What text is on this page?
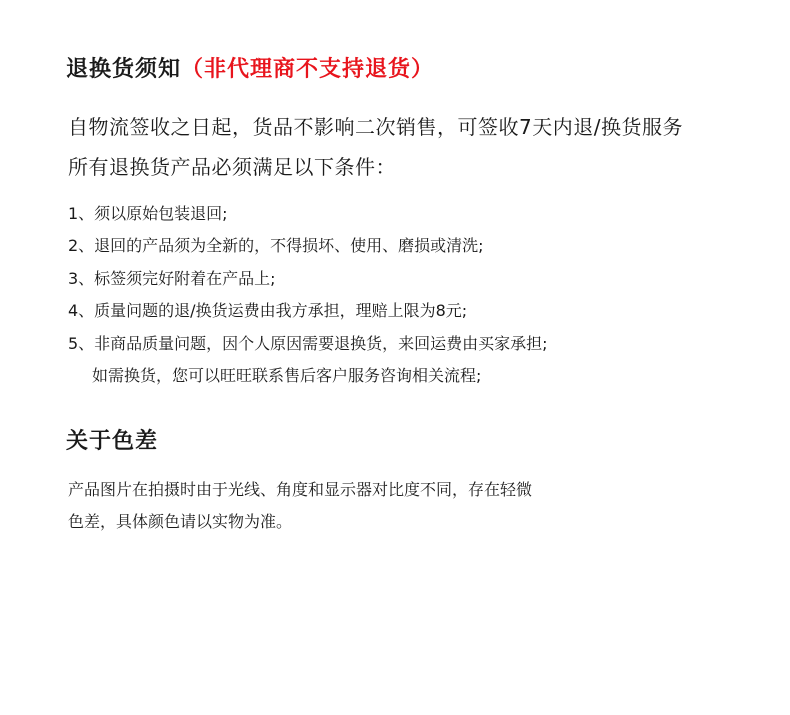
退换货须知（非代理商不支持退货）
自物流签收之日起，货品不影响二次销售，可签收7天内退/换货服务
所有退换货产品必须满足以下条件：
1、须以原始包装退回;
2、退回的产品须为全新的，不得损坏、使用、磨损或清洗;
3、标签须完好附着在产品上;
4、质量问题的退/换货运费由我方承担，理赔上限为8元;
5、非商品质量问题，因个人原因需要退换货，来回运费由买家承担;
如需换货，您可以旺旺联系售后客户服务咨询相关流程;
关于色差
产品图片在拍摄时由于光线、角度和显示器对比度不同，存在轻微
色差，具体颜色请以实物为准。
